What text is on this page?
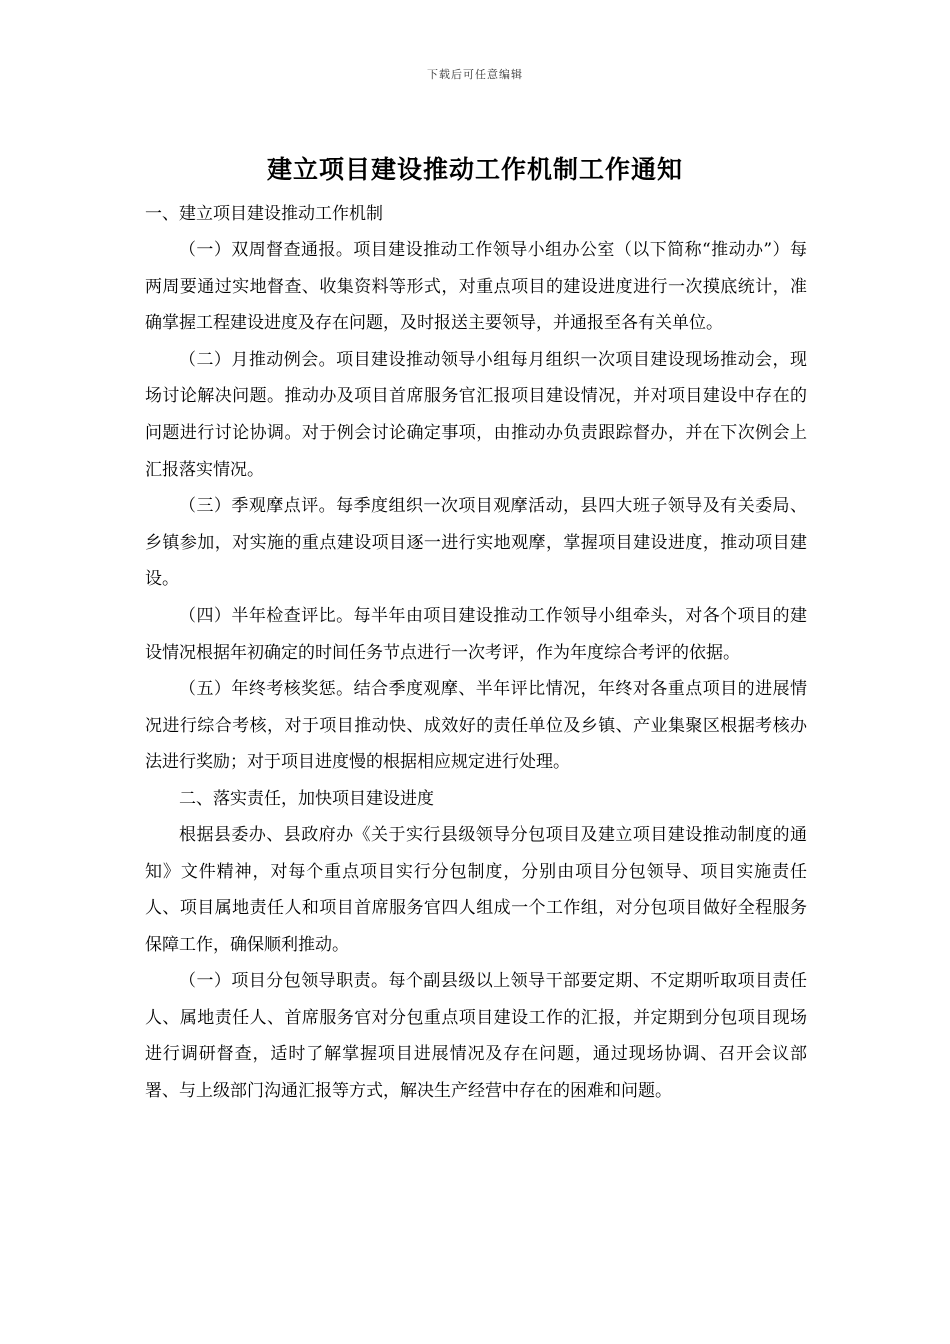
下载后可任意编辑
建立项目建设推动工作机制工作通知

一、建立项目建设推动工作机制

（一）双周督查通报。项目建设推动工作领导小组办公室（以下简称“推动办”）每两周要通过实地督查、收集资料等形式，对重点项目的建设进度进行一次摸底统计，准确掌握工程建设进度及存在问题，及时报送主要领导，并通报至各有关单位。

（二）月推动例会。项目建设推动领导小组每月组织一次项目建设现场推动会，现场讨论解决问题。推动办及项目首席服务官汇报项目建设情况，并对项目建设中存在的问题进行讨论协调。对于例会讨论确定事项，由推动办负责跟踪督办，并在下次例会上汇报落实情况。

（三）季观摩点评。每季度组织一次项目观摩活动，县四大班子领导及有关委局、乡镇参加，对实施的重点建设项目逐一进行实地观摩，掌握项目建设进度，推动项目建设。

（四）半年检查评比。每半年由项目建设推动工作领导小组牵头，对各个项目的建设情况根据年初确定的时间任务节点进行一次考评，作为年度综合考评的依据。

（五）年终考核奖惩。结合季度观摩、半年评比情况，年终对各重点项目的进展情况进行综合考核，对于项目推动快、成效好的责任单位及乡镇、产业集聚区根据考核办法进行奖励；对于项目进度慢的根据相应规定进行处理。

二、落实责任，加快项目建设进度

根据县委办、县政府办《关于实行县级领导分包项目及建立项目建设推动制度的通知》文件精神，对每个重点项目实行分包制度，分别由项目分包领导、项目实施责任人、项目属地责任人和项目首席服务官四人组成一个工作组，对分包项目做好全程服务保障工作，确保顺利推动。

（一）项目分包领导职责。每个副县级以上领导干部要定期、不定期听取项目责任人、属地责任人、首席服务官对分包重点项目建设工作的汇报，并定期到分包项目现场进行调研督查，适时了解掌握项目进展情况及存在问题，通过现场协调、召开会议部署、与上级部门沟通汇报等方式，解决生产经营中存在的困难和问题。
